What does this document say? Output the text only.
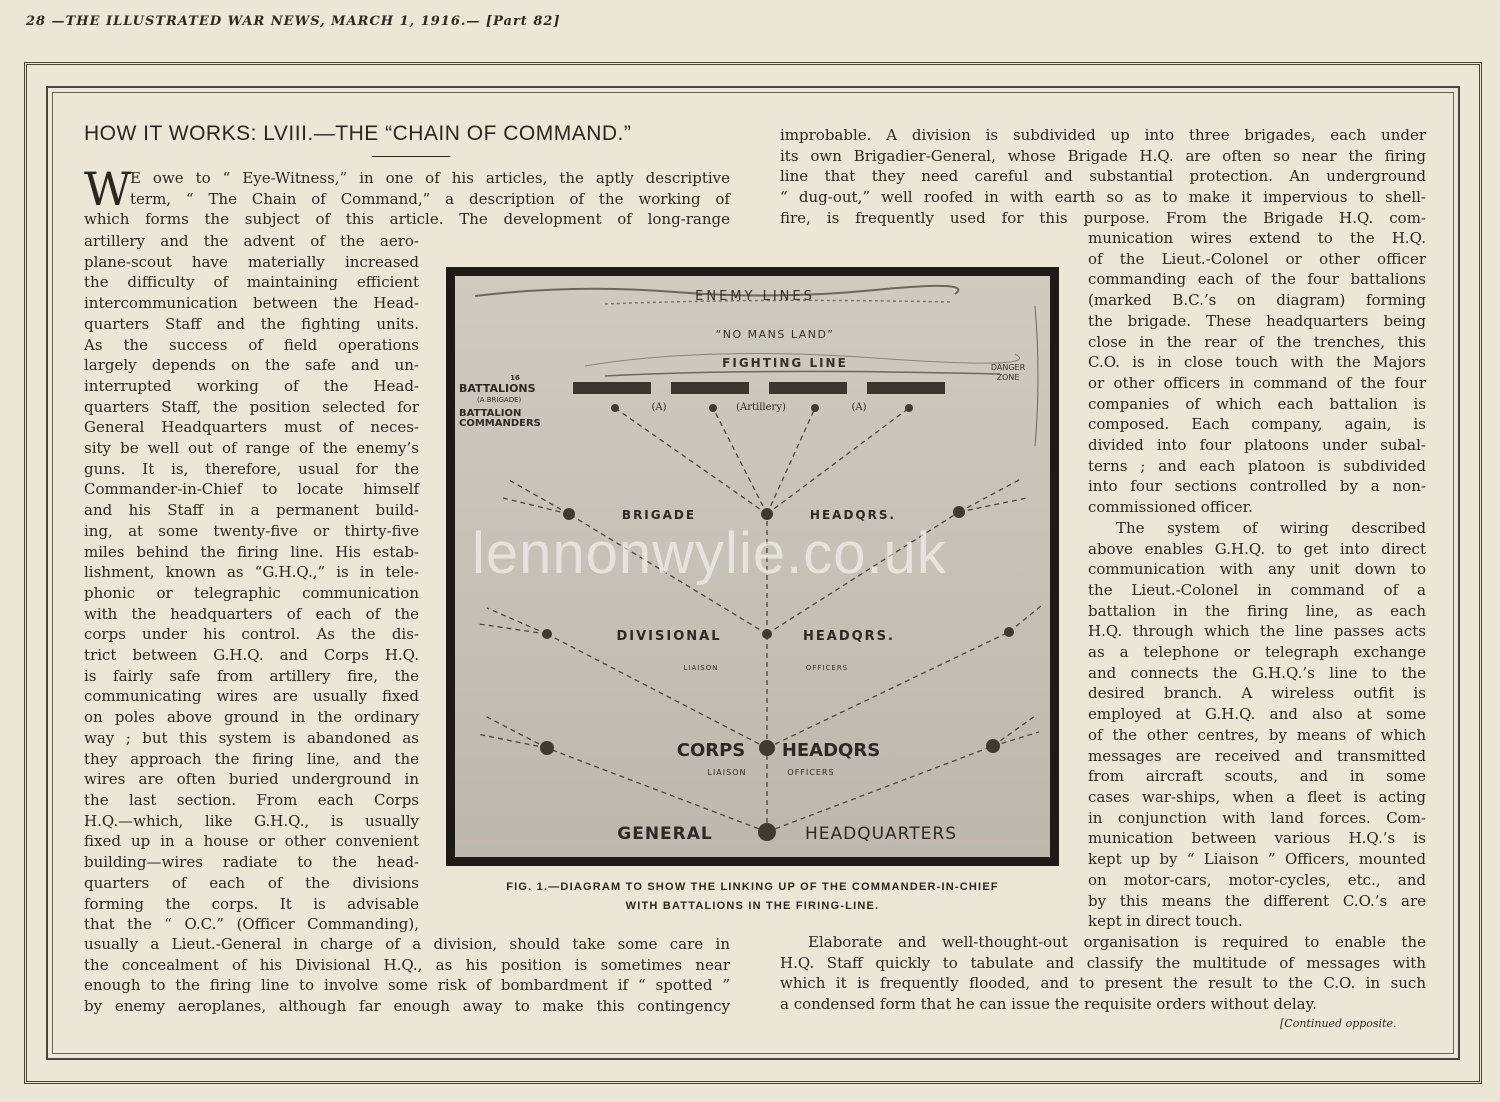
28 —THE ILLUSTRATED WAR NEWS, MARCH 1, 1916.— [Part 82]
HOW IT WORKS: LVIII.—THE “CHAIN OF COMMAND.”
W
E owe to “ Eye-Witness,” in one of his articles, the aptly descriptive
term, “ The Chain of Command,” a description of the working of
which forms the subject of this article. The development of long-range
artillery and the advent of the aero-
plane-scout have materially increased
the difficulty of maintaining efficient
intercommunication between the Head-
quarters Staff and the fighting units.
As the success of field operations
largely depends on the safe and un-
interrupted working of the Head-
quarters Staff, the position selected for
General Headquarters must of neces-
sity be well out of range of the enemy’s
guns. It is, therefore, usual for the
Commander-in-Chief to locate himself
and his Staff in a permanent build-
ing, at some twenty-five or thirty-five
miles behind the firing line. His estab-
lishment, known as “G.H.Q.,” is in tele-
phonic or telegraphic communication
with the headquarters of each of the
corps under his control. As the dis-
trict between G.H.Q. and Corps H.Q.
is fairly safe from artillery fire, the
communicating wires are usually fixed
on poles above ground in the ordinary
way ; but this system is abandoned as
they approach the firing line, and the
wires are often buried underground in
the last section. From each Corps
H.Q.—which, like G.H.Q., is usually
fixed up in a house or other convenient
building—wires radiate to the head-
quarters of each of the divisions
forming the corps. It is advisable
that the “ O.C.” (Officer Commanding),
usually a Lieut.-General in charge of a division, should take some care in
the concealment of his Divisional H.Q., as his position is sometimes near
enough to the firing line to involve some risk of bombardment if “ spotted ”
by enemy aeroplanes, although far enough away to make this contingency
improbable. A division is subdivided up into three brigades, each under
its own Brigadier-General, whose Brigade H.Q. are often so near the firing
line that they need careful and substantial protection. An underground
“ dug-out,” well roofed in with earth so as to make it impervious to shell-
fire, is frequently used for this purpose. From the Brigade H.Q. com-
munication wires extend to the H.Q.
of the Lieut.-Colonel or other officer
commanding each of the four battalions
(marked B.C.’s on diagram) forming
the brigade. These headquarters being
close in the rear of the trenches, this
C.O. is in close touch with the Majors
or other officers in command of the four
companies of which each battalion is
composed. Each company, again, is
divided into four platoons under subal-
terns ; and each platoon is subdivided
into four sections controlled by a non-
commissioned officer.
The system of wiring described
above enables G.H.Q. to get into direct
communication with any unit down to
the Lieut.-Colonel in command of a
battalion in the firing line, as each
H.Q. through which the line passes acts
as a telephone or telegraph exchange
and connects the G.H.Q.’s line to the
desired branch. A wireless outfit is
employed at G.H.Q. and also at some
of the other centres, by means of which
messages are received and transmitted
from aircraft scouts, and in some
cases war-ships, when a fleet is acting
in conjunction with land forces. Com-
munication between various H.Q.’s is
kept up by “ Liaison ” Officers, mounted
on motor-cars, motor-cycles, etc., and
by this means the different C.O.’s are
kept in direct touch.
Elaborate and well-thought-out organisation is required to enable the
H.Q. Staff quickly to tabulate and classify the multitude of messages with
which it is frequently flooded, and to present the result to the C.O. in such
a condensed form that he can issue the requisite orders without delay.
[Continued opposite.
ENEMY LINES
“NO MANS LAND”
FIGHTING LINE	DANGER
ZONE
16
BATTALIONS
(A BRIGADE)
BATTALION
COMMANDERS
(A)	(Artillery)	(A)
BRIGADE	HEADQRS.
DIVISIONAL	HEADQRS.
LIAISON	OFFICERS
CORPS HEADQRS
LIAISON	OFFICERS
GENERAL	HEADQUARTERS
FIG. 1.—DIAGRAM TO SHOW THE LINKING UP OF THE COMMANDER-IN-CHIEF
WITH BATTALIONS IN THE FIRING-LINE.
lennonwylie.co.uk
